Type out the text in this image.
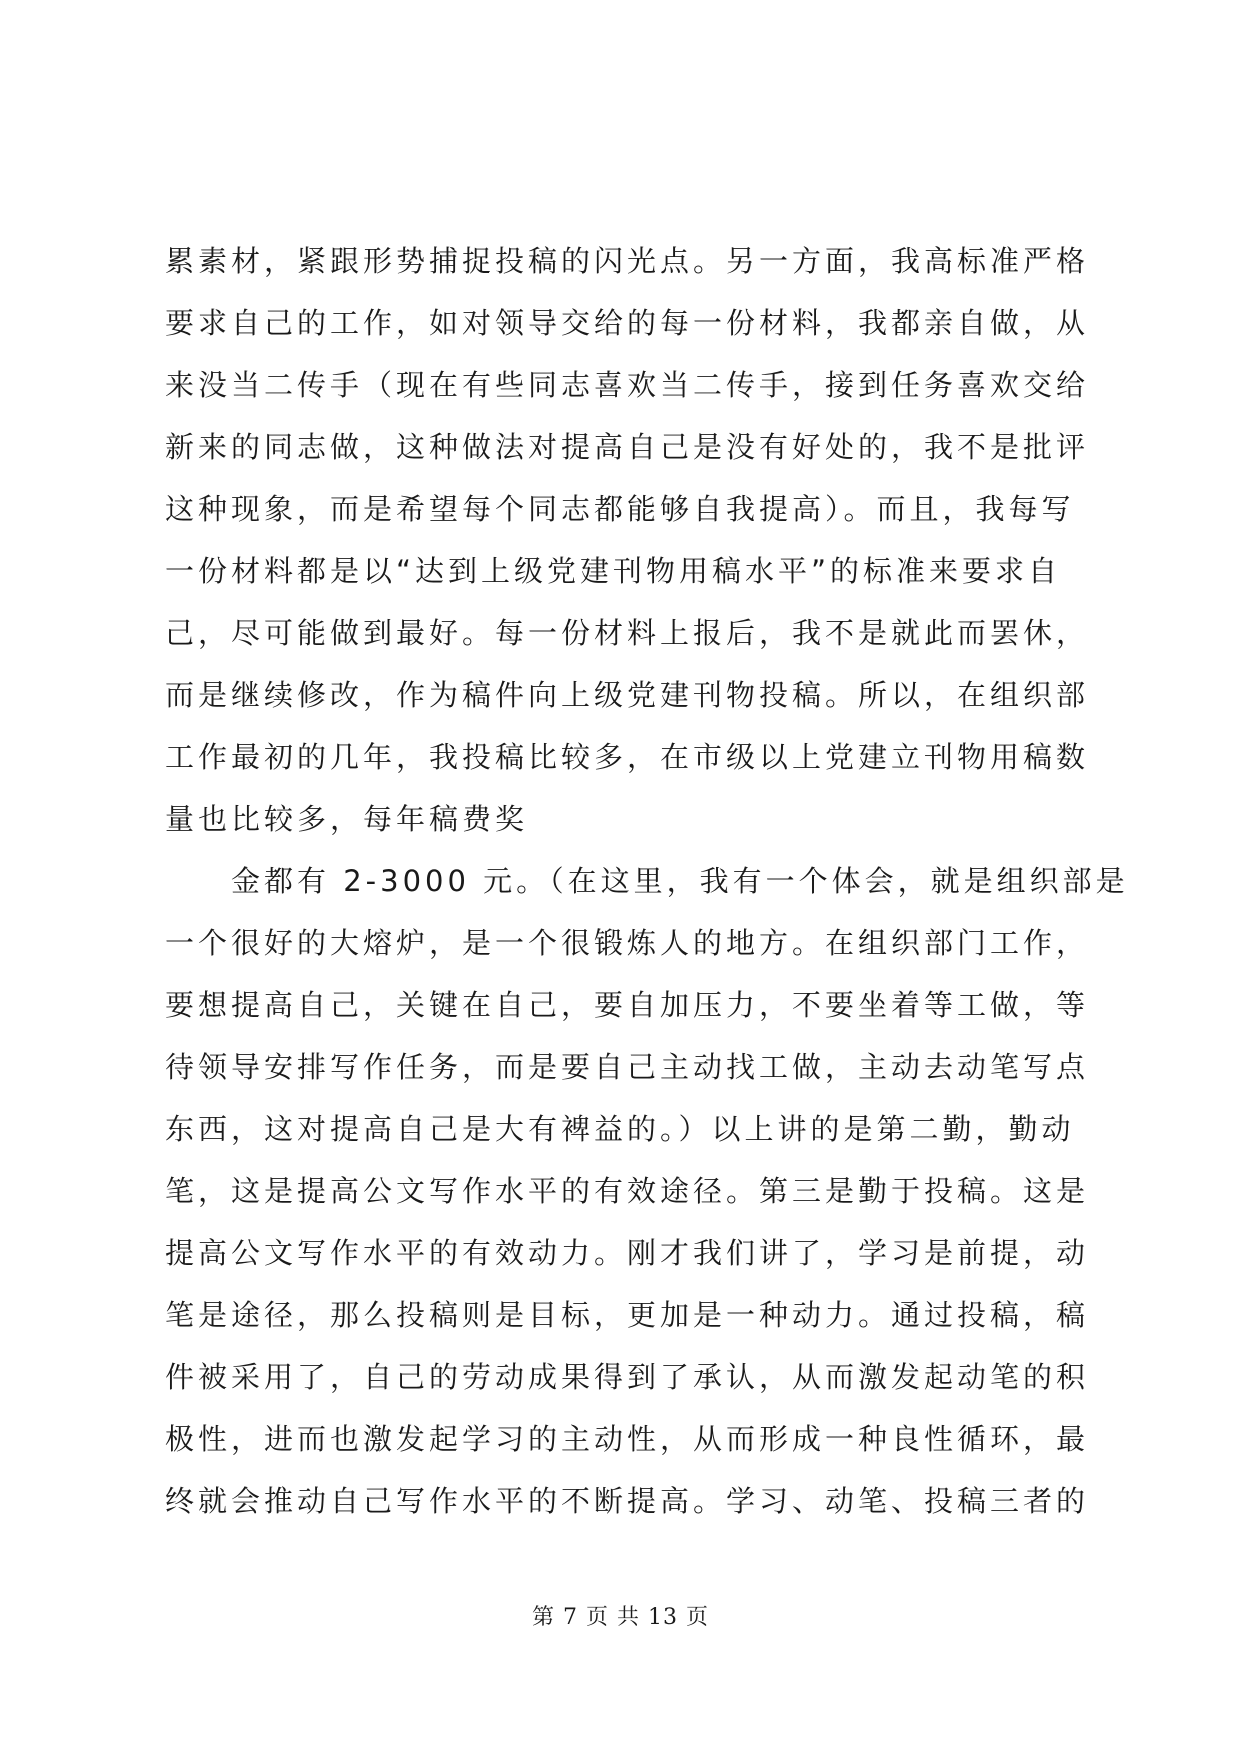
累素材，紧跟形势捕捉投稿的闪光点。另一方面，我高标准严格
要求自己的工作，如对领导交给的每一份材料，我都亲自做，从
来没当二传手（现在有些同志喜欢当二传手，接到任务喜欢交给
新来的同志做，这种做法对提高自己是没有好处的，我不是批评
这种现象，而是希望每个同志都能够自我提高）。而且，我每写
一份材料都是以“达到上级党建刊物用稿水平”的标准来要求自
己，尽可能做到最好。每一份材料上报后，我不是就此而罢休，
而是继续修改，作为稿件向上级党建刊物投稿。所以，在组织部
工作最初的几年，我投稿比较多，在市级以上党建立刊物用稿数
量也比较多，每年稿费奖
金都有 2-3000 元。（在这里，我有一个体会，就是组织部是
一个很好的大熔炉，是一个很锻炼人的地方。在组织部门工作，
要想提高自己，关键在自己，要自加压力，不要坐着等工做，等
待领导安排写作任务，而是要自己主动找工做，主动去动笔写点
东西，这对提高自己是大有裨益的。）以上讲的是第二勤，勤动
笔，这是提高公文写作水平的有效途径。第三是勤于投稿。这是
提高公文写作水平的有效动力。刚才我们讲了，学习是前提，动
笔是途径，那么投稿则是目标，更加是一种动力。通过投稿，稿
件被采用了，自己的劳动成果得到了承认，从而激发起动笔的积
极性，进而也激发起学习的主动性，从而形成一种良性循环，最
终就会推动自己写作水平的不断提高。学习、动笔、投稿三者的
第 7 页 共 13 页
